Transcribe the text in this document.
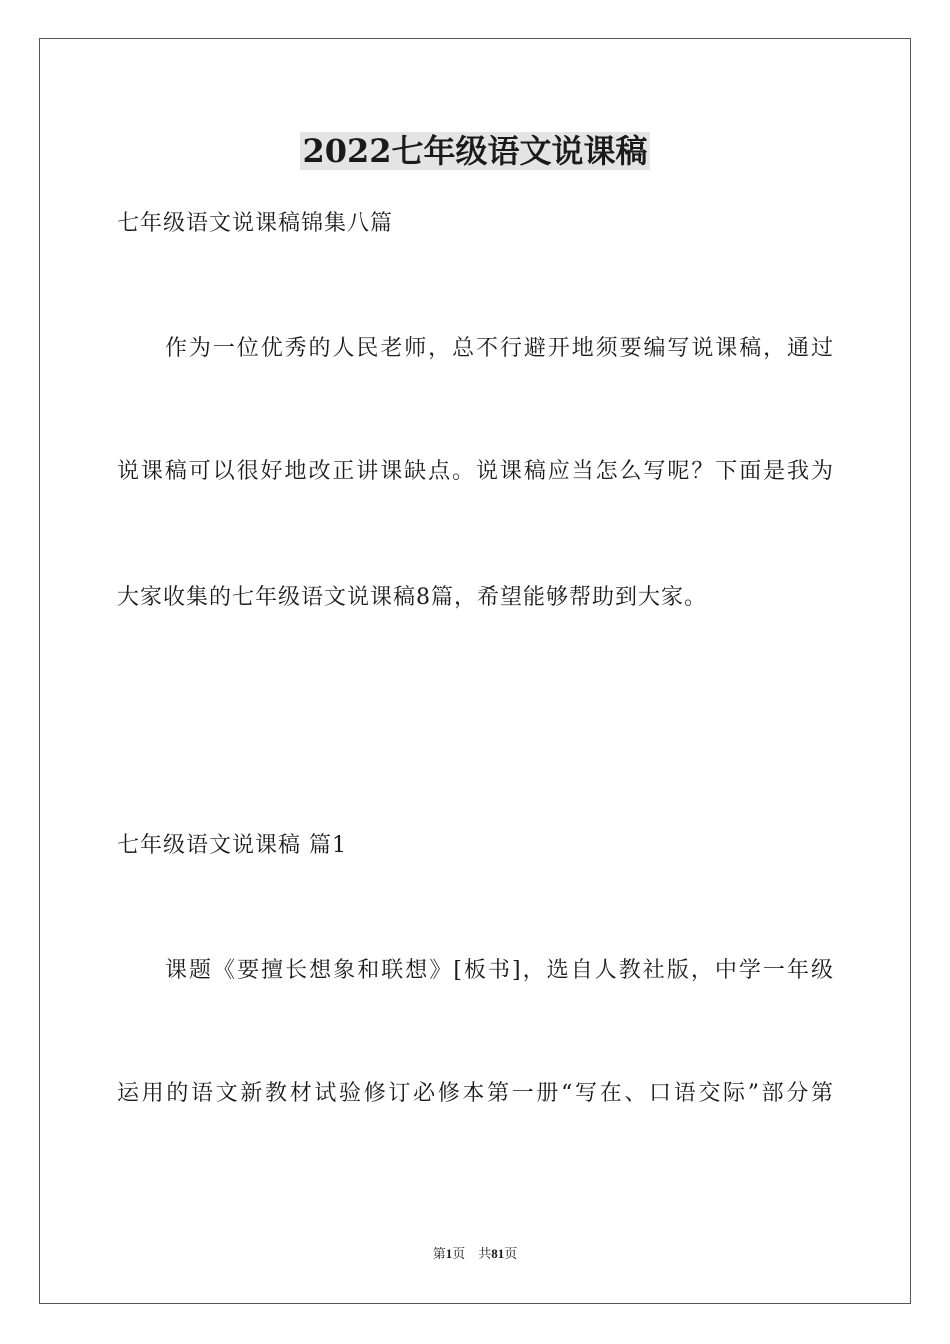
2022七年级语文说课稿
七年级语文说课稿锦集八篇
作为一位优秀的人民老师，总不行避开地须要编写说课稿，通过
说课稿可以很好地改正讲课缺点。说课稿应当怎么写呢？下面是我为
大家收集的七年级语文说课稿8篇，希望能够帮助到大家。
七年级语文说课稿 篇1
课题《要擅长想象和联想》[板书]，选自人教社版，中学一年级
运用的语文新教材试验修订必修本第一册“写在、口语交际”部分第
第1页 共81页
